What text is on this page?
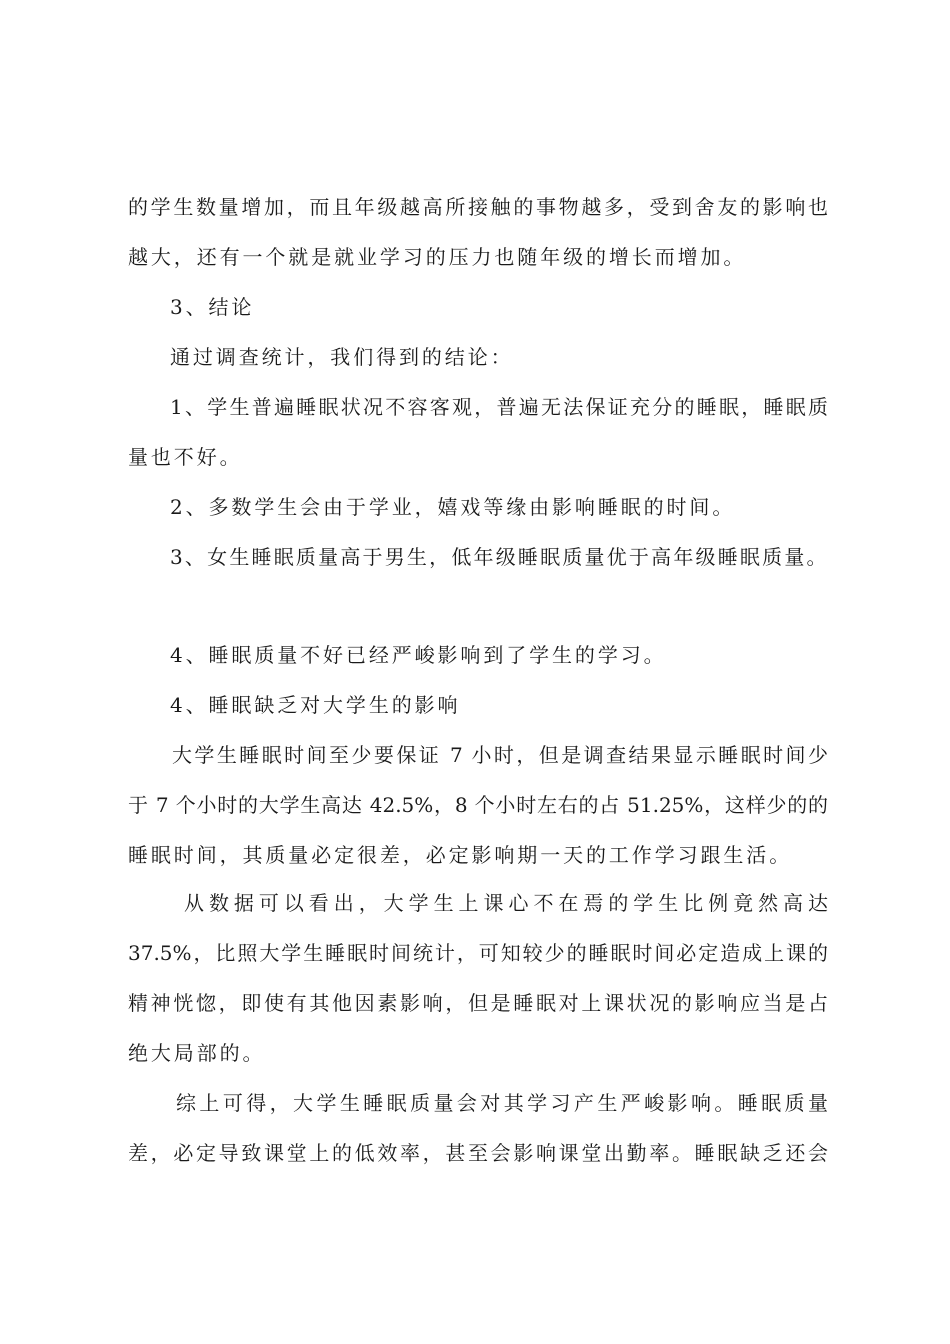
的学生数量增加，而且年级越高所接触的事物越多，受到舍友的影响也
越大，还有一个就是就业学习的压力也随年级的增长而增加。
3、结论
通过调查统计，我们得到的结论：
1、学生普遍睡眠状况不容客观，普遍无法保证充分的睡眠，睡眠质
量也不好。
2、多数学生会由于学业，嬉戏等缘由影响睡眠的时间。
3、女生睡眠质量高于男生，低年级睡眠质量优于高年级睡眠质量。
4、睡眠质量不好已经严峻影响到了学生的学习。
4、睡眠缺乏对大学生的影响
大学生睡眠时间至少要保证 7 小时，但是调查结果显示睡眠时间少
于 7 个小时的大学生高达 42.5%，8 个小时左右的占 51.25%，这样少的的
睡眠时间，其质量必定很差，必定影响期一天的工作学习跟生活。
从数据可以看出，大学生上课心不在焉的学生比例竟然高达
37.5%，比照大学生睡眠时间统计，可知较少的睡眠时间必定造成上课的
精神恍惚，即使有其他因素影响，但是睡眠对上课状况的影响应当是占
绝大局部的。
综上可得，大学生睡眠质量会对其学习产生严峻影响。睡眠质量
差，必定导致课堂上的低效率，甚至会影响课堂出勤率。睡眠缺乏还会
